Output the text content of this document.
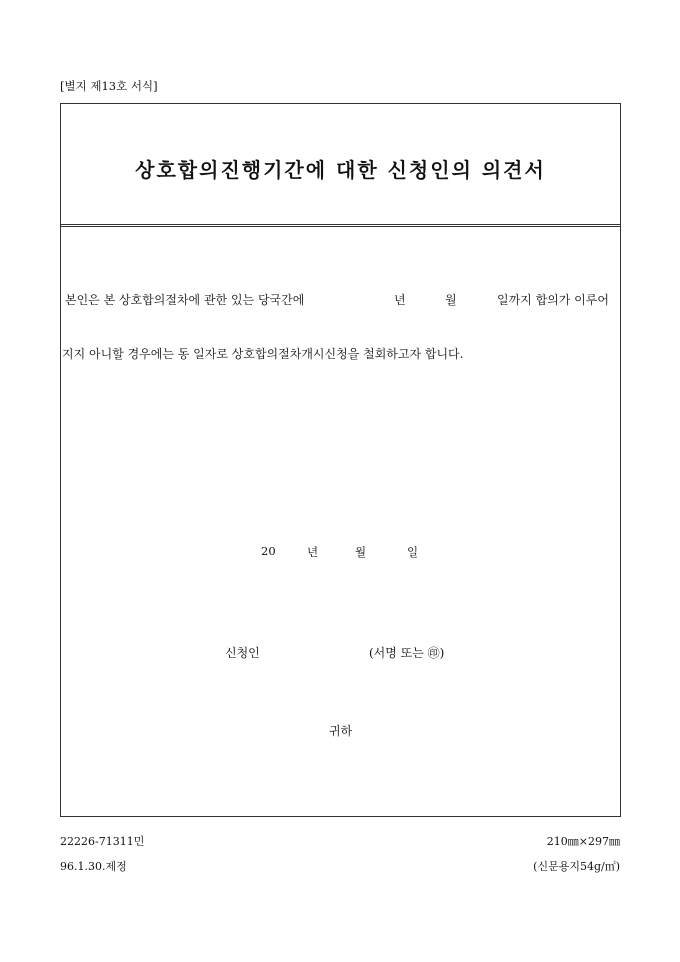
[별지 제13호 서식]
상호합의진행기간에 대한 신청인의 의견서
본인은 본 상호합의절차에 관한 있는 당국간에	년	월	일까지 합의가 이루어
지지 아니할 경우에는 동 일자로 상호합의절차개시신청을 철회하고자 합니다.
20	년	월	일
신청인	(서명 또는 ㊞)
귀하
22226-71311민	210㎜×297㎜
96.1.30.제정	(신문용지54g/㎡)
